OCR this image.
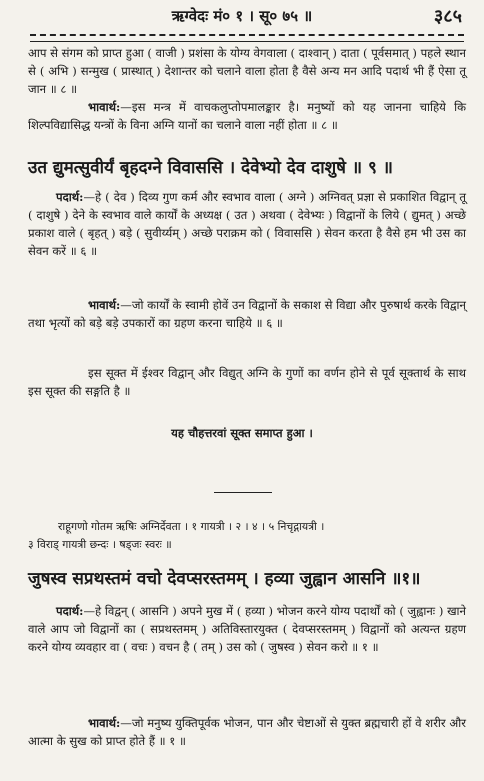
ऋग्वेदः मं० १ । सू० ७५ ॥	३८५
आप से संगम को प्राप्त हुआ ( वाजी ) प्रशंसा के योग्य वेगवाला ( दाश्वान् ) दाता ( पूर्वसमात् ) पहले स्थान से ( अभि ) सन्मुख ( प्रास्थात् ) देशान्तर को चलाने वाला होता है वैसे अन्य मन आदि पदार्थ भी हैं ऐसा तू जान ॥ ८ ॥
भावार्थ:—इस मन्त्र में वाचकलुप्तोपमालङ्कार है। मनुष्यों को यह जानना चाहिये कि शिल्पविद्यासिद्ध यन्त्रों के विना अग्नि यानों का चलाने वाला नहीं होता ॥ ८ ॥
उत द्युमत्सुवीर्यं बृहदग्ने विवाससि । देवेभ्यो देव दाशुषे ॥ ९ ॥
पदार्थ:—हे ( देव ) दिव्य गुण कर्म और स्वभाव वाला ( अग्ने ) अग्निवत् प्रज्ञा से प्रकाशित विद्वान् तू ( दाशुषे ) देने के स्वभाव वाले कार्यों के अध्यक्ष ( उत ) अथवा ( देवेभ्यः ) विद्वानों के लिये ( द्युमत् ) अच्छे प्रकाश वाले ( बृहत् ) बड़े ( सुवीर्य्यम् ) अच्छे पराक्रम को ( विवाससि ) सेवन करता है वैसे हम भी उस का सेवन करें ॥ ६ ॥
भावार्थ:—जो कार्यों के स्वामी होवें उन विद्वानों के सकाश से विद्या और पुरुषार्थ करके विद्वान् तथा भृत्यों को बड़े बड़े उपकारों का ग्रहण करना चाहिये ॥ ६ ॥
इस सूक्त में ईश्वर विद्वान् और विद्युत् अग्नि के गुणों का वर्णन होने से पूर्व सूक्तार्थ के साथ इस सूक्त की सङ्गति है ॥
यह चौहत्तरवां सूक्त समाप्त हुआ ।
राहूगणो गोतम ऋषिः अग्निर्देवता । १ गायत्री । २ । ४ । ५ निचृद्गायत्री ।
३ विराड् गायत्री छन्दः । षड्जः स्वरः ॥
जुषस्व सप्रथस्तमं वचो देवप्सरस्तमम् । हव्या जुह्वान आसनि ॥१॥
पदार्थ:—हे विद्वन् ( आसनि ) अपने मुख में ( हव्या ) भोजन करने योग्य पदार्थों को ( जुह्वानः ) खाने वाले आप जो विद्वानों का ( सप्रथस्तमम् ) अतिविस्तारयुक्त ( देवप्सरस्तमम् ) विद्वानों को अत्यन्त ग्रहण करने योग्य व्यवहार वा ( वचः ) वचन है ( तम् ) उस को ( जुषस्व ) सेवन करो ॥ १ ॥
भावार्थ:—जो मनुष्य युक्तिपूर्वक भोजन, पान और चेष्टाओं से युक्त ब्रह्मचारी हों वे शरीर और आत्मा के सुख को प्राप्त होते हैं ॥ १ ॥
